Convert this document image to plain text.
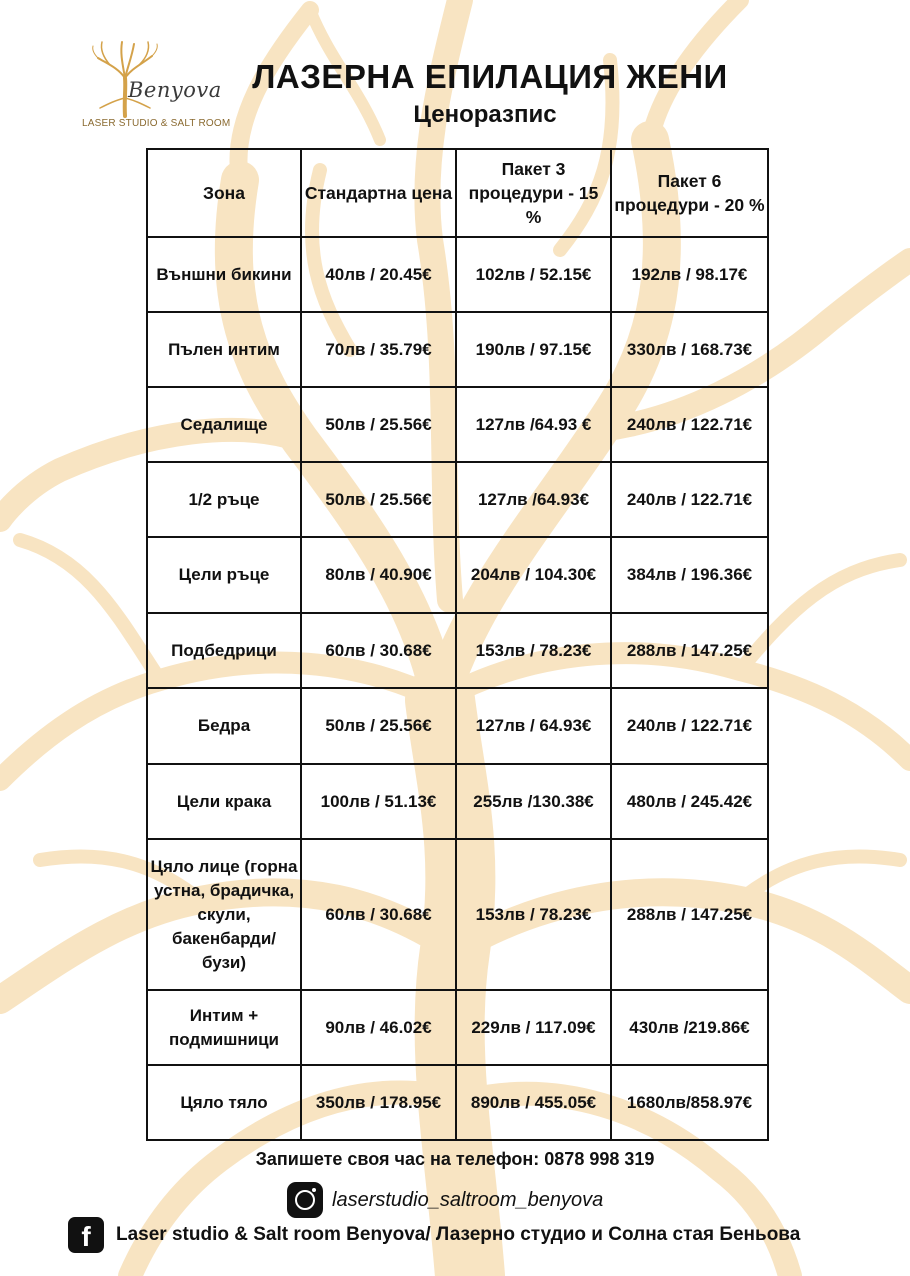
Benyova
LASER STUDIO & SALT ROOM
ЛАЗЕРНА ЕПИЛАЦИЯ ЖЕНИ
Ценоразпис
Зона	Стандартна цена	Пакет 3 процедури - 15 %	Пакет 6 процедури - 20 %
Външни бикини	40лв / 20.45€	102лв / 52.15€	192лв / 98.17€
Пълен интим	70лв / 35.79€	190лв / 97.15€	330лв / 168.73€
Седалище	50лв / 25.56€	127лв /64.93 €	240лв / 122.71€
1/2 ръце	50лв / 25.56€	127лв /64.93€	240лв / 122.71€
Цели ръце	80лв / 40.90€	204лв / 104.30€	384лв / 196.36€
Подбедрици	60лв / 30.68€	153лв / 78.23€	288лв / 147.25€
Бедра	50лв / 25.56€	127лв / 64.93€	240лв / 122.71€
Цели крака	100лв / 51.13€	255лв /130.38€	480лв / 245.42€
Цяло лице (горна устна, брадичка, скули, бакенбарди/ бузи)	60лв / 30.68€	153лв / 78.23€	288лв / 147.25€
Интим + подмишници	90лв / 46.02€	229лв / 117.09€	430лв /219.86€
Цяло тяло	350лв / 178.95€	890лв / 455.05€	1680лв/858.97€
Запишете своя час на телефон: 0878 998 319
laserstudio_saltroom_benyova
f	Laser studio & Salt room Benyova/ Лазерно студио и Солна стая Беньова
